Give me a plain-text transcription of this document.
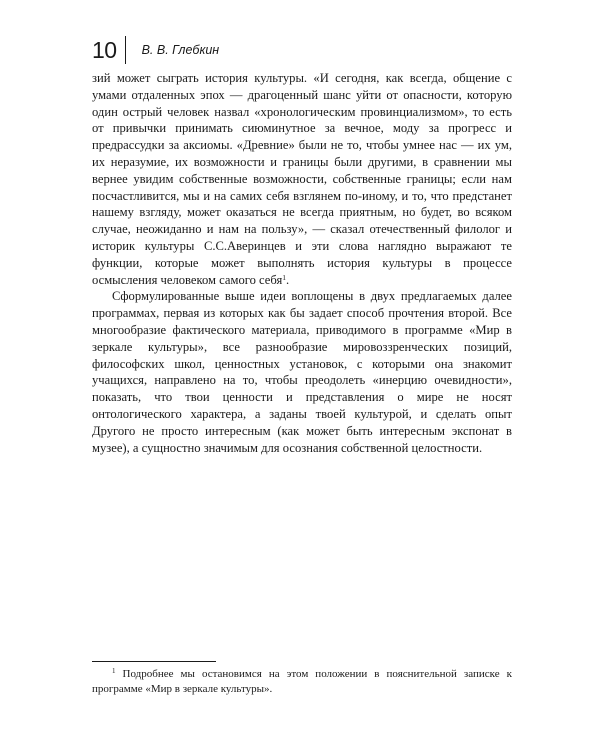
10	В. В. Глебкин

зий может сыграть история культуры. «И сегодня, как всегда, общение с умами отдаленных эпох — драгоценный шанс уйти от опасности, которую один острый человек назвал «хронологическим провинциализмом», то есть от привычки принимать сиюминутное за вечное, моду за прогресс и предрассудки за аксиомы. «Древние» были не то, чтобы умнее нас — их ум, их неразумие, их возможности и границы были другими, в сравнении мы вернее увидим собственные возможности, собственные границы; если нам посчастливится, мы и на самих себя взглянем по-иному, и то, что предстанет нашему взгляду, может оказаться не всегда приятным, но будет, во всяком случае, неожиданно и нам на пользу», — сказал отечественный филолог и историк культуры С.С.Аверинцев и эти слова наглядно выражают те функции, которые может выполнять история культуры в процессе осмысления человеком самого себя$^1$.

Сформулированные выше идеи воплощены в двух предлагаемых далее программах, первая из которых как бы задает способ прочтения второй. Все многообразие фактического материала, приводимого в программе «Мир в зеркале культуры», все разнообразие мировоззренческих позиций, философских школ, ценностных установок, с которыми она знакомит учащихся, направлено на то, чтобы преодолеть «инерцию очевидности», показать, что твои ценности и представления о мире не носят онтологического характера, а заданы твоей культурой, и сделать опыт Другого не просто интересным (как может быть интересным экспонат в музее), а сущностно значимым для осознания собственной целостности.

$^1$ Подробнее мы остановимся на этом положении в пояснительной записке к программе «Мир в зеркале культуры».
